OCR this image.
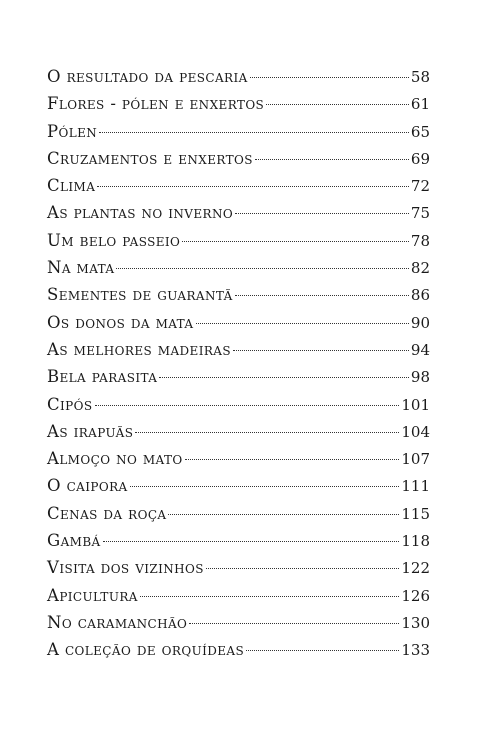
O resultado da pescaria	58
Flores - pólen e enxertos	61
Pólen	65
Cruzamentos e enxertos	69
Clima	72
As plantas no inverno	75
Um belo passeio	78
Na mata	82
Sementes de guarantã	86
Os donos da mata	90
As melhores madeiras	94
Bela parasita	98
Cipós	101
As irapuãs	104
Almoço no mato	107
O caipora	111
Cenas da roça	115
Gambá	118
Visita dos vizinhos	122
Apicultura	126
No caramanchão	130
A coleção de orquídeas	133
